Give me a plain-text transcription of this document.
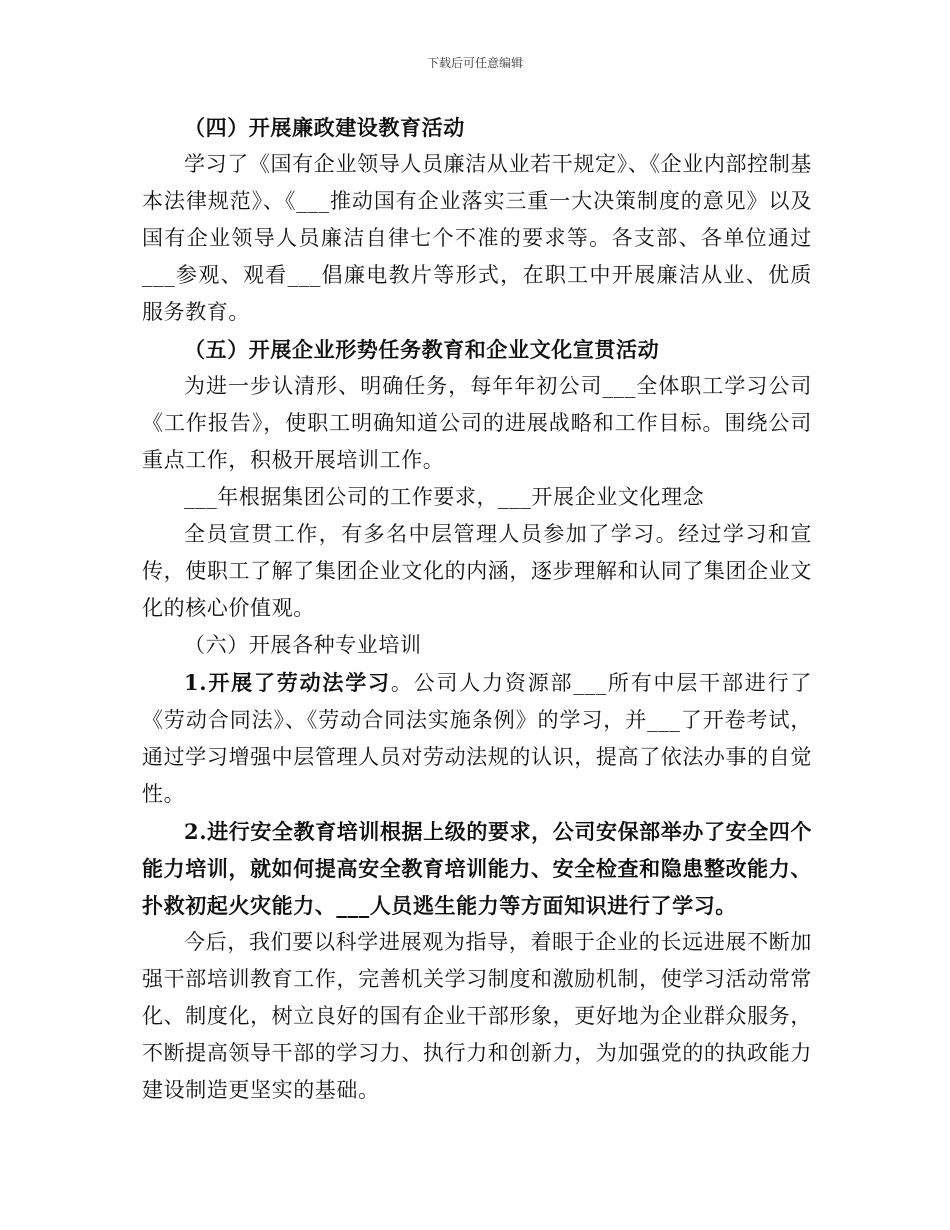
下载后可任意编辑

（四）开展廉政建设教育活动

学习了《国有企业领导人员廉洁从业若干规定》、《企业内部控制基本法律规范》、《___推动国有企业落实三重一大决策制度的意见》以及国有企业领导人员廉洁自律七个不准的要求等。各支部、各单位通过___参观、观看___倡廉电教片等形式，在职工中开展廉洁从业、优质服务教育。

（五）开展企业形势任务教育和企业文化宣贯活动

为进一步认清形、明确任务，每年年初公司___全体职工学习公司《工作报告》，使职工明确知道公司的进展战略和工作目标。围绕公司重点工作，积极开展培训工作。

___年根据集团公司的工作要求，___开展企业文化理念

全员宣贯工作，有多名中层管理人员参加了学习。经过学习和宣传，使职工了解了集团企业文化的内涵，逐步理解和认同了集团企业文化的核心价值观。

（六）开展各种专业培训

1.开展了劳动法学习。公司人力资源部___所有中层干部进行了《劳动合同法》、《劳动合同法实施条例》的学习，并___了开卷考试，通过学习增强中层管理人员对劳动法规的认识，提高了依法办事的自觉性。

2.进行安全教育培训根据上级的要求，公司安保部举办了安全四个能力培训，就如何提高安全教育培训能力、安全检查和隐患整改能力、扑救初起火灾能力、___人员逃生能力等方面知识进行了学习。

今后，我们要以科学进展观为指导，着眼于企业的长远进展不断加强干部培训教育工作，完善机关学习制度和激励机制，使学习活动常常化、制度化，树立良好的国有企业干部形象，更好地为企业群众服务，不断提高领导干部的学习力、执行力和创新力，为加强党的的执政能力建设制造更坚实的基础。
